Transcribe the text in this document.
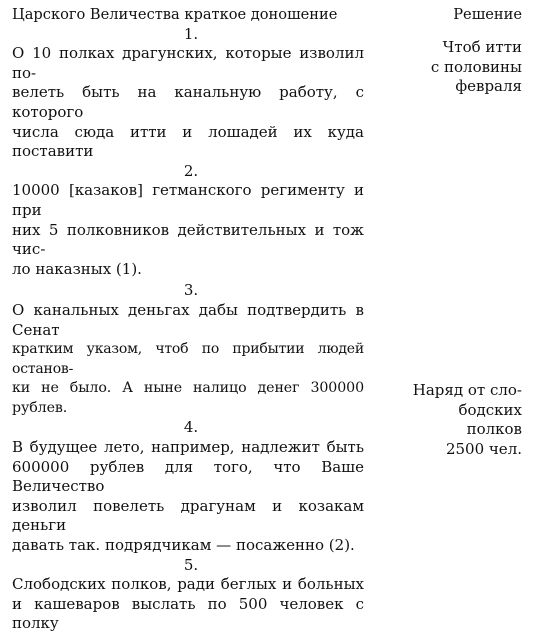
Царского Величества краткое доношение
1.
О 10 полках драгунских, которые изволил по-
велеть быть на канальную работу, с которого
числа сюда итти и лошадей их куда поставити
2.
10000 [казаков] гетманского регименту и при
них 5 полковников действительных и тож чис-
ло наказных (1).
3.
О канальных деньгах дабы подтвердить в Сенат
кратким указом, чтоб по прибытии людей останов-
ки не было. А ныне налицо денег 300000 рублев.
4.
В будущее лето, например, надлежит быть
600000 рублев для того, что Ваше Величество
изволил повелеть драгунам и козакам деньги
давать так. подрядчикам — посаженно (2).
5.
Слободских полков, ради беглых и больных
и кашеваров выслать по 500 человек с полку
Решение
Чтоб итти
с половины
февраля
Наряд от сло-
бодских полков
2500 чел.
